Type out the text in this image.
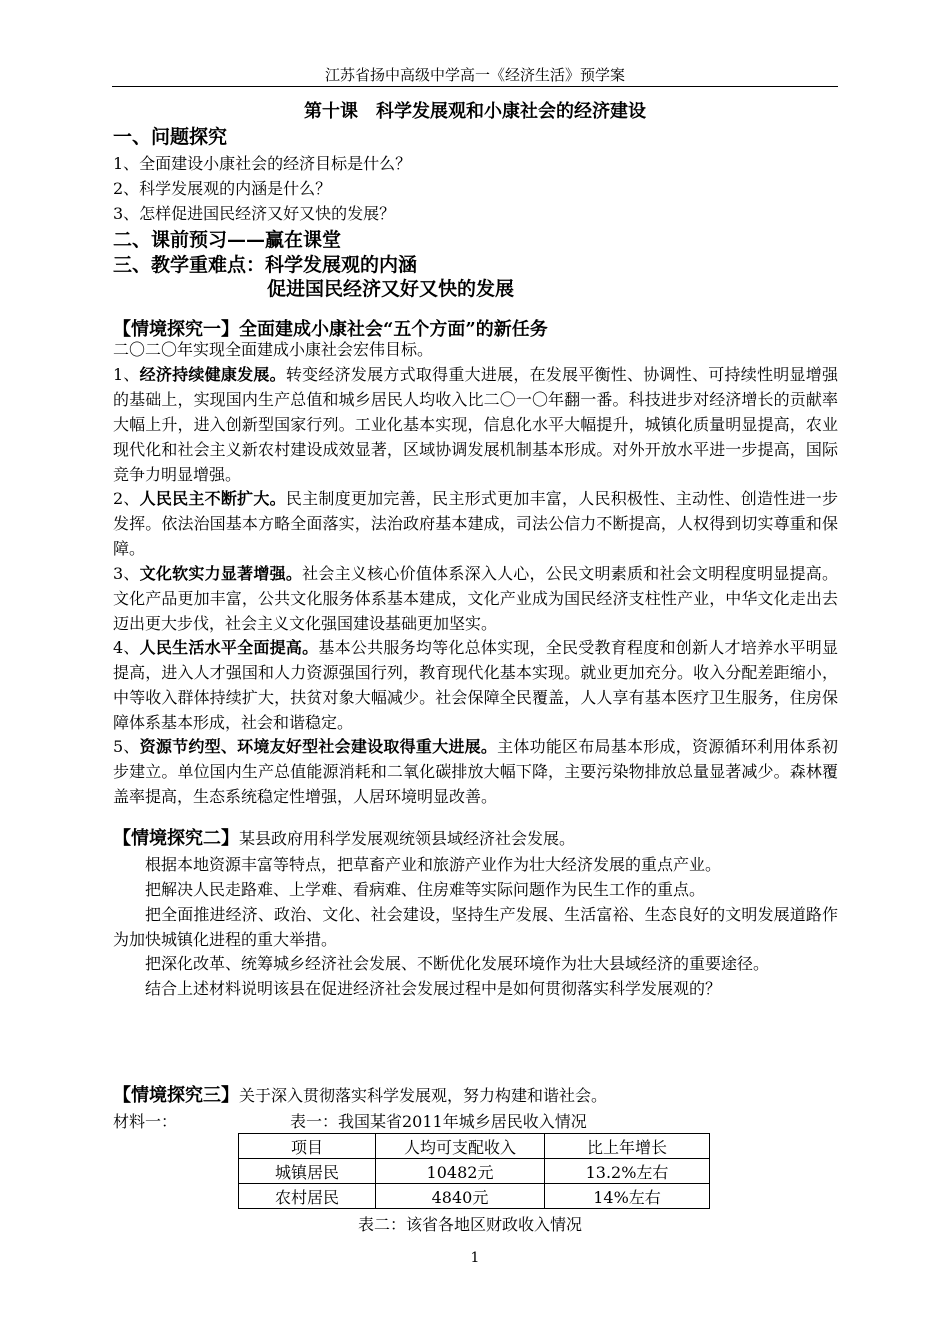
江苏省扬中高级中学高一《经济生活》预学案
第十课　科学发展观和小康社会的经济建设
一、问题探究
1、全面建设小康社会的经济目标是什么？
2、科学发展观的内涵是什么？
3、怎样促进国民经济又好又快的发展？
二、课前预习——赢在课堂
三、教学重难点：科学发展观的内涵
促进国民经济又好又快的发展
【情境探究一】全面建成小康社会“五个方面”的新任务
二〇二〇年实现全面建成小康社会宏伟目标。
1、经济持续健康发展。转变经济发展方式取得重大进展，在发展平衡性、协调性、可持续性明显增强的基础上，实现国内生产总值和城乡居民人均收入比二〇一〇年翻一番。科技进步对经济增长的贡献率大幅上升，进入创新型国家行列。工业化基本实现，信息化水平大幅提升，城镇化质量明显提高，农业现代化和社会主义新农村建设成效显著，区域协调发展机制基本形成。对外开放水平进一步提高，国际竞争力明显增强。
2、人民民主不断扩大。民主制度更加完善，民主形式更加丰富，人民积极性、主动性、创造性进一步发挥。依法治国基本方略全面落实，法治政府基本建成，司法公信力不断提高，人权得到切实尊重和保障。
3、文化软实力显著增强。社会主义核心价值体系深入人心，公民文明素质和社会文明程度明显提高。文化产品更加丰富，公共文化服务体系基本建成，文化产业成为国民经济支柱性产业，中华文化走出去迈出更大步伐，社会主义文化强国建设基础更加坚实。
4、人民生活水平全面提高。基本公共服务均等化总体实现，全民受教育程度和创新人才培养水平明显提高，进入人才强国和人力资源强国行列，教育现代化基本实现。就业更加充分。收入分配差距缩小，中等收入群体持续扩大，扶贫对象大幅减少。社会保障全民覆盖，人人享有基本医疗卫生服务，住房保障体系基本形成，社会和谐稳定。
5、资源节约型、环境友好型社会建设取得重大进展。主体功能区布局基本形成，资源循环利用体系初步建立。单位国内生产总值能源消耗和二氧化碳排放大幅下降，主要污染物排放总量显著减少。森林覆盖率提高，生态系统稳定性增强，人居环境明显改善。
【情境探究二】某县政府用科学发展观统领县域经济社会发展。
根据本地资源丰富等特点，把草畜产业和旅游产业作为壮大经济发展的重点产业。
把解决人民走路难、上学难、看病难、住房难等实际问题作为民生工作的重点。
把全面推进经济、政治、文化、社会建设，坚持生产发展、生活富裕、生态良好的文明发展道路作为加快城镇化进程的重大举措。
把深化改革、统筹城乡经济社会发展、不断优化发展环境作为壮大县域经济的重要途径。
结合上述材料说明该县在促进经济社会发展过程中是如何贯彻落实科学发展观的？
【情境探究三】关于深入贯彻落实科学发展观，努力构建和谐社会。
材料一：	表一：我国某省2011年城乡居民收入情况
项目	人均可支配收入	比上年增长
城镇居民	10482元	13.2%左右
农村居民	4840元	14%左右
表二：该省各地区财政收入情况
1
